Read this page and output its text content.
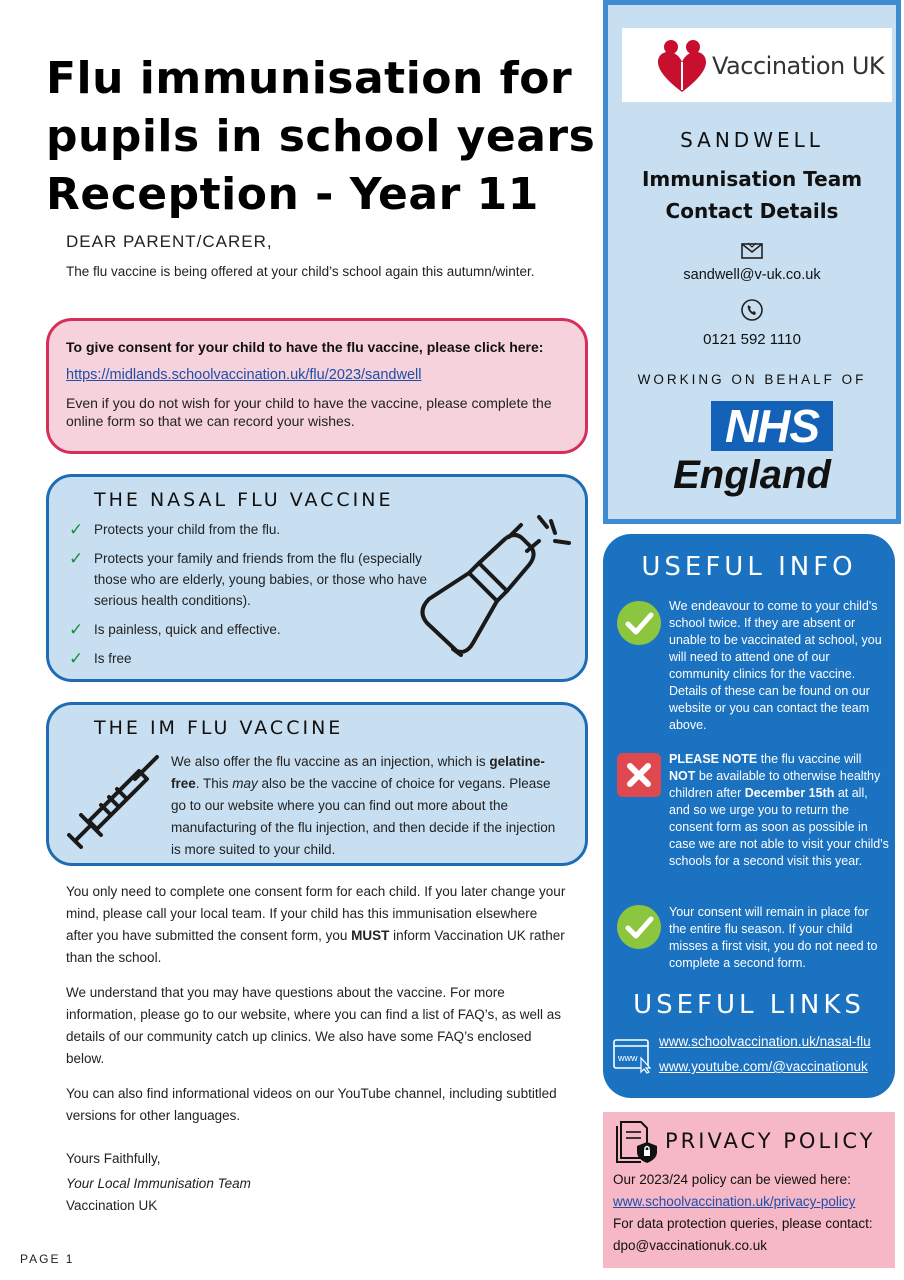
Flu immunisation for
pupils in school years
Reception - Year 11
DEAR PARENT/CARER,

The flu vaccine is being offered at your child’s school again this autumn/winter.

To give consent for your child to have the flu vaccine, please click here:
https://midlands.schoolvaccination.uk/flu/2023/sandwell
Even if you do not wish for your child to have the vaccine, please complete the online form so that we can record your wishes.
THE NASAL FLU VACCINE
✓ Protects your child from the flu.
✓ Protects your family and friends from the flu (especially those who are elderly, young babies, or those who have serious health conditions).
✓ Is painless, quick and effective.
✓ Is free
THE IM FLU VACCINE
We also offer the flu vaccine as an injection, which is gelatine-free. This may also be the vaccine of choice for vegans. Please go to our website where you can find out more about the manufacturing of the flu injection, and then decide if the injection is more suited to your child.

You only need to complete one consent form for each child. If you later change your mind, please call your local team. If your child has this immunisation elsewhere after you have submitted the consent form, you MUST inform Vaccination UK rather than the school.

We understand that you may have questions about the vaccine. For more information, please go to our website, where you can find a list of FAQ’s, as well as details of our community catch up clinics. We also have some FAQ’s enclosed below.

You can also find informational videos on our YouTube channel, including subtitled versions for other languages.

Yours Faithfully,
Your Local Immunisation Team
Vaccination UK
PAGE 1
Vaccination UK
SANDWELL
Immunisation Team
Contact Details
sandwell@v-uk.co.uk
0121 592 1110
WORKING ON BEHALF OF
NHS
England
USEFUL INFO
We endeavour to come to your child's school twice. If they are absent or unable to be vaccinated at school, you will need to attend one of our community clinics for the vaccine. Details of these can be found on our website or you can contact the team above.
PLEASE NOTE the flu vaccine will NOT be available to otherwise healthy children after December 15th at all, and so we urge you to return the consent form as soon as possible in case we are not able to visit your child's schools for a second visit this year.
Your consent will remain in place for the entire flu season. If your child misses a first visit, you do not need to complete a second form.
USEFUL LINKS
www
www.schoolvaccination.uk/nasal-flu
www.youtube.com/@vaccinationuk
PRIVACY POLICY
Our 2023/24 policy can be viewed here:
www.schoolvaccination.uk/privacy-policy
For data protection queries, please contact:
dpo@vaccinationuk.co.uk
